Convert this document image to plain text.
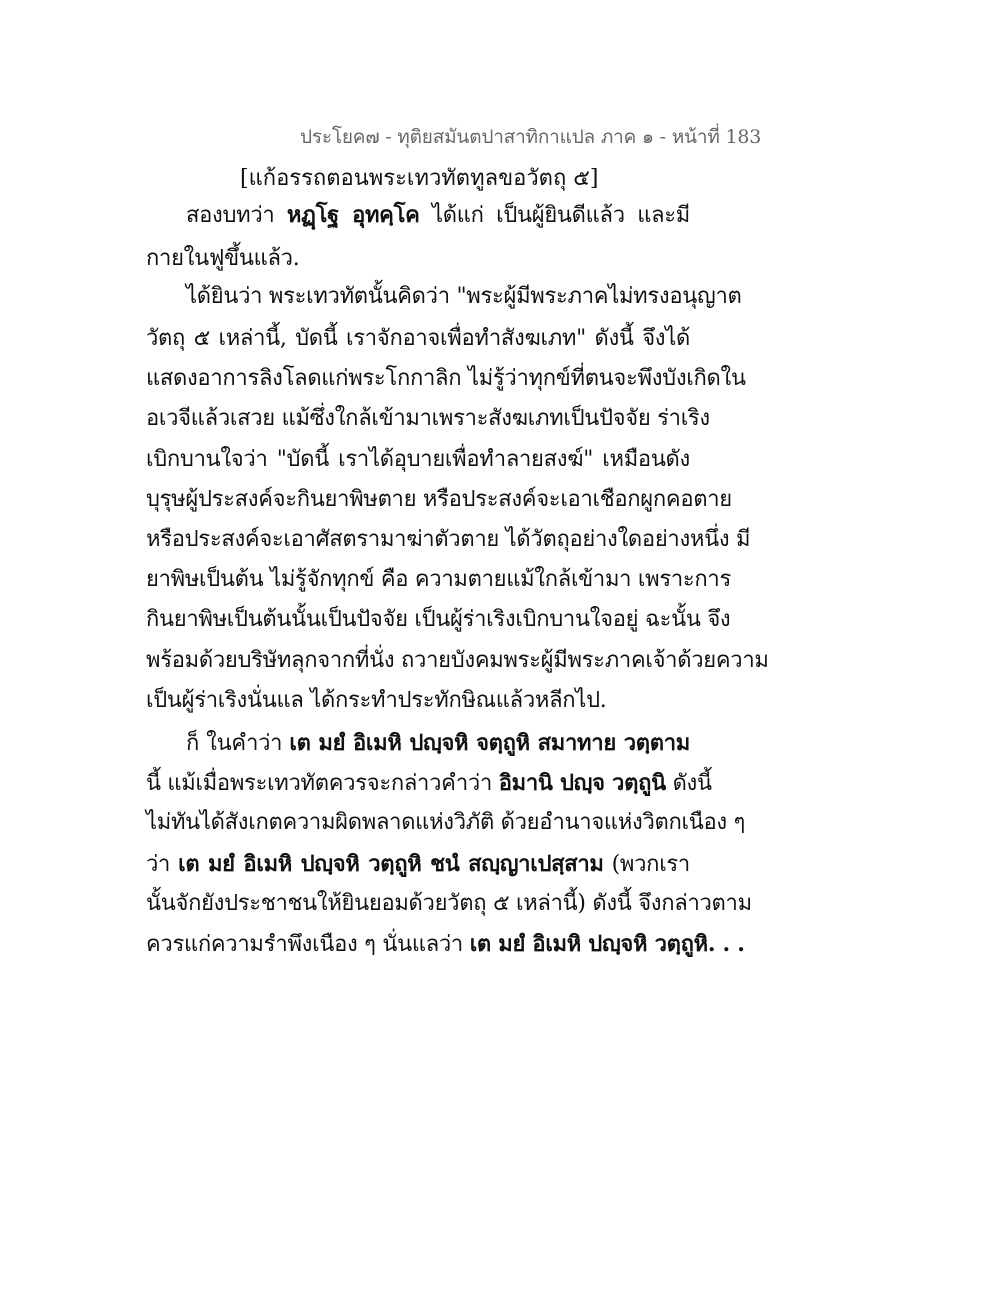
ประโยค๗ - ทุติยสมันตปาสาทิกาแปล ภาค ๑ - หน้าที่ 183
[แก้อรรถตอนพระเทวทัตทูลขอวัตถุ ๕]
สองบทว่า หฏฺโฐ อุทคฺโค ได้แก่ เป็นผู้ยินดีแล้ว และมี
กายในฟูขึ้นแล้ว.
ได้ยินว่า พระเทวทัตนั้นคิดว่า "พระผู้มีพระภาคไม่ทรงอนุญาต
วัตถุ ๕ เหล่านี้, บัดนี้ เราจักอาจเพื่อทำสังฆเภท" ดังนี้ จึงได้
แสดงอาการลิงโลดแก่พระโกกาลิก ไม่รู้ว่าทุกข์ที่ตนจะพึงบังเกิดใน
อเวจีแล้วเสวย แม้ซึ่งใกล้เข้ามาเพราะสังฆเภทเป็นปัจจัย ร่าเริง
เบิกบานใจว่า "บัดนี้ เราได้อุบายเพื่อทำลายสงฆ์" เหมือนดัง
บุรุษผู้ประสงค์จะกินยาพิษตาย หรือประสงค์จะเอาเชือกผูกคอตาย
หรือประสงค์จะเอาศัสตรามาฆ่าตัวตาย ได้วัตถุอย่างใดอย่างหนึ่ง มี
ยาพิษเป็นต้น ไม่รู้จักทุกข์ คือ ความตายแม้ใกล้เข้ามา เพราะการ
กินยาพิษเป็นต้นนั้นเป็นปัจจัย เป็นผู้ร่าเริงเบิกบานใจอยู่ ฉะนั้น จึง
พร้อมด้วยบริษัทลุกจากที่นั่ง ถวายบังคมพระผู้มีพระภาคเจ้าด้วยความ
เป็นผู้ร่าเริงนั่นแล ได้กระทำประทักษิณแล้วหลีกไป.
ก็ ในคำว่า เต มยํ อิเมหิ ปญฺจหิ จตฺถูหิ สมาทาย วตฺตาม
นี้ แม้เมื่อพระเทวทัตควรจะกล่าวคำว่า อิมานิ ปญฺจ วตฺถูนิ ดังนี้
ไม่ทันได้สังเกตความผิดพลาดแห่งวิภัติ ด้วยอำนาจแห่งวิตกเนือง ๆ
ว่า เต มยํ อิเมหิ ปญฺจหิ วตฺถูหิ ชนํ สญฺญาเปสฺสาม (พวกเรา
นั้นจักยังประชาชนให้ยินยอมด้วยวัตถุ ๕ เหล่านี้) ดังนี้ จึงกล่าวตาม
ควรแก่ความรำพึงเนือง ๆ นั่นแลว่า เต มยํ อิเมหิ ปญฺจหิ วตฺถูหิ. . .
